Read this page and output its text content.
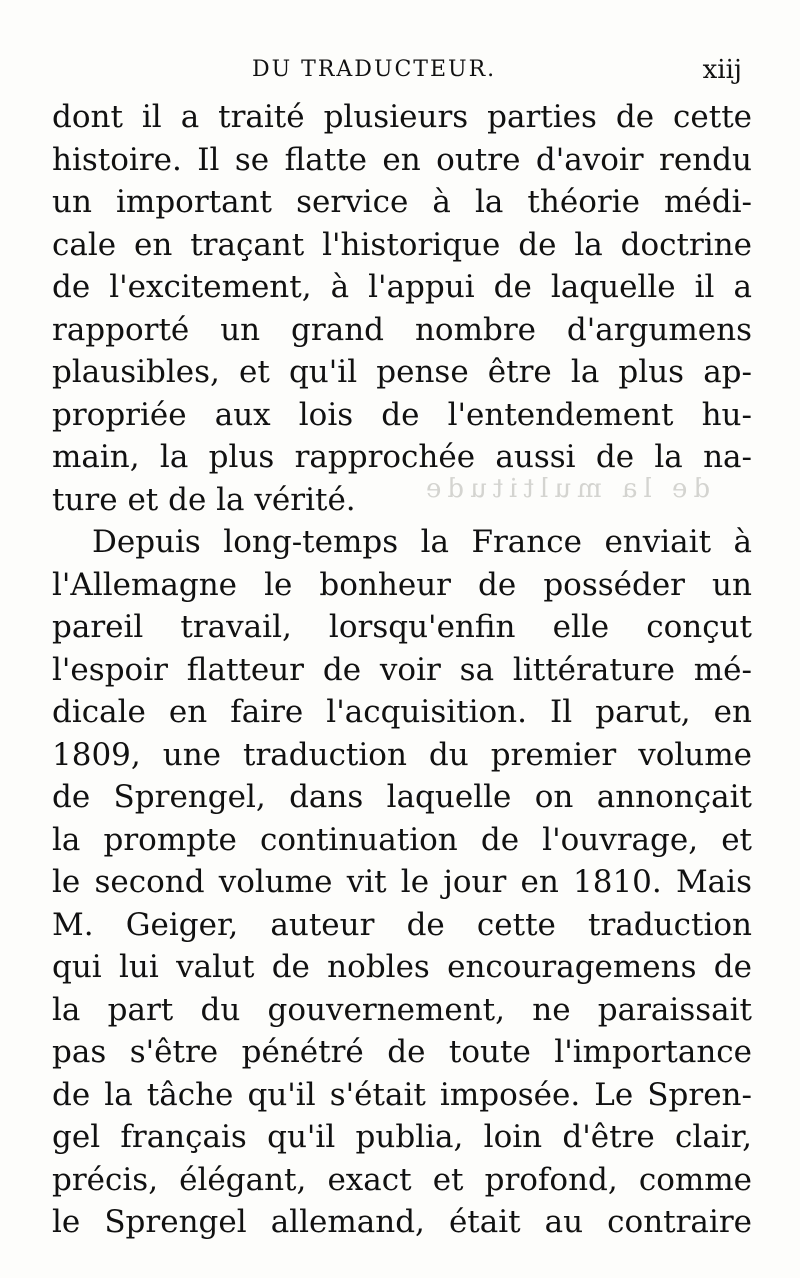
DU TRADUCTEUR.	xiij
de la multitude
dont il a traité plusieurs parties de cette
histoire. Il se flatte en outre d'avoir rendu
un important service à la théorie médi-
cale en traçant l'historique de la doctrine
de l'excitement, à l'appui de laquelle il a
rapporté un grand nombre d'argumens
plausibles, et qu'il pense être la plus ap-
propriée aux lois de l'entendement hu-
main, la plus rapprochée aussi de la na-
ture et de la vérité.
Depuis long-temps la France enviait à
l'Allemagne le bonheur de posséder un
pareil travail, lorsqu'enfin elle conçut
l'espoir flatteur de voir sa littérature mé-
dicale en faire l'acquisition. Il parut, en
1809, une traduction du premier volume
de Sprengel, dans laquelle on annonçait
la prompte continuation de l'ouvrage, et
le second volume vit le jour en 1810. Mais
M. Geiger, auteur de cette traduction
qui lui valut de nobles encouragemens de
la part du gouvernement, ne paraissait
pas s'être pénétré de toute l'importance
de la tâche qu'il s'était imposée. Le Spren-
gel français qu'il publia, loin d'être clair,
précis, élégant, exact et profond, comme
le Sprengel allemand, était au contraire
